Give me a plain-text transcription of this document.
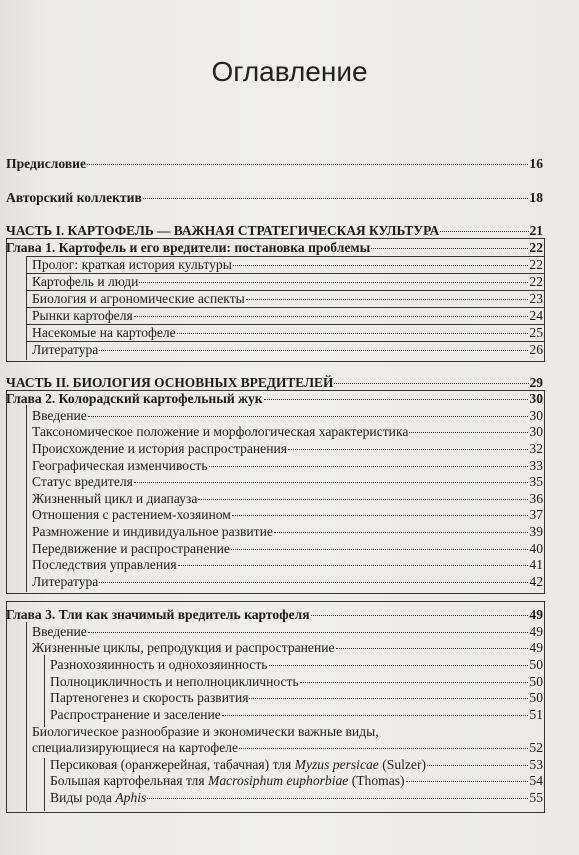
Оглавление
Предисловие	16
Авторский коллектив	18
ЧАСТЬ I. КАРТОФЕЛЬ — ВАЖНАЯ СТРАТЕГИЧЕСКАЯ КУЛЬТУРА	21
Глава 1. Картофель и его вредители: постановка проблемы	22
Пролог: краткая история культуры	22
Картофель и люди	22
Биология и агрономические аспекты	23
Рынки картофеля	24
Насекомые на картофеле	25
Литература	26
ЧАСТЬ II. БИОЛОГИЯ ОСНОВНЫХ ВРЕДИТЕЛЕЙ	29
Глава 2. Колорадский картофельный жук	30
Введение	30
Таксономическое положение и морфологическая характеристика	30
Происхождение и история распространения	32
Географическая изменчивость	33
Статус вредителя	35
Жизненный цикл и диапауза	36
Отношения с растением-хозяином	37
Размножение и индивидуальное развитие	39
Передвижение и распространение	40
Последствия управления	41
Литература	42
Глава 3. Тли как значимый вредитель картофеля	49
Введение	49
Жизненные циклы, репродукция и распространение	49
Разнохозяинность и однохозяинность	50
Полноцикличность и неполноцикличность	50
Партеногенез и скорость развития	50
Распространение и заселение	51
Биологическое разнообразие и экономически важные виды,
специализирующиеся на картофеле	52
Персиковая (оранжерейная, табачная) тля Myzus persicae (Sulzer)	53
Большая картофельная тля Macrosiphum euphorbiae (Thomas)	54
Виды рода Aphis	55
